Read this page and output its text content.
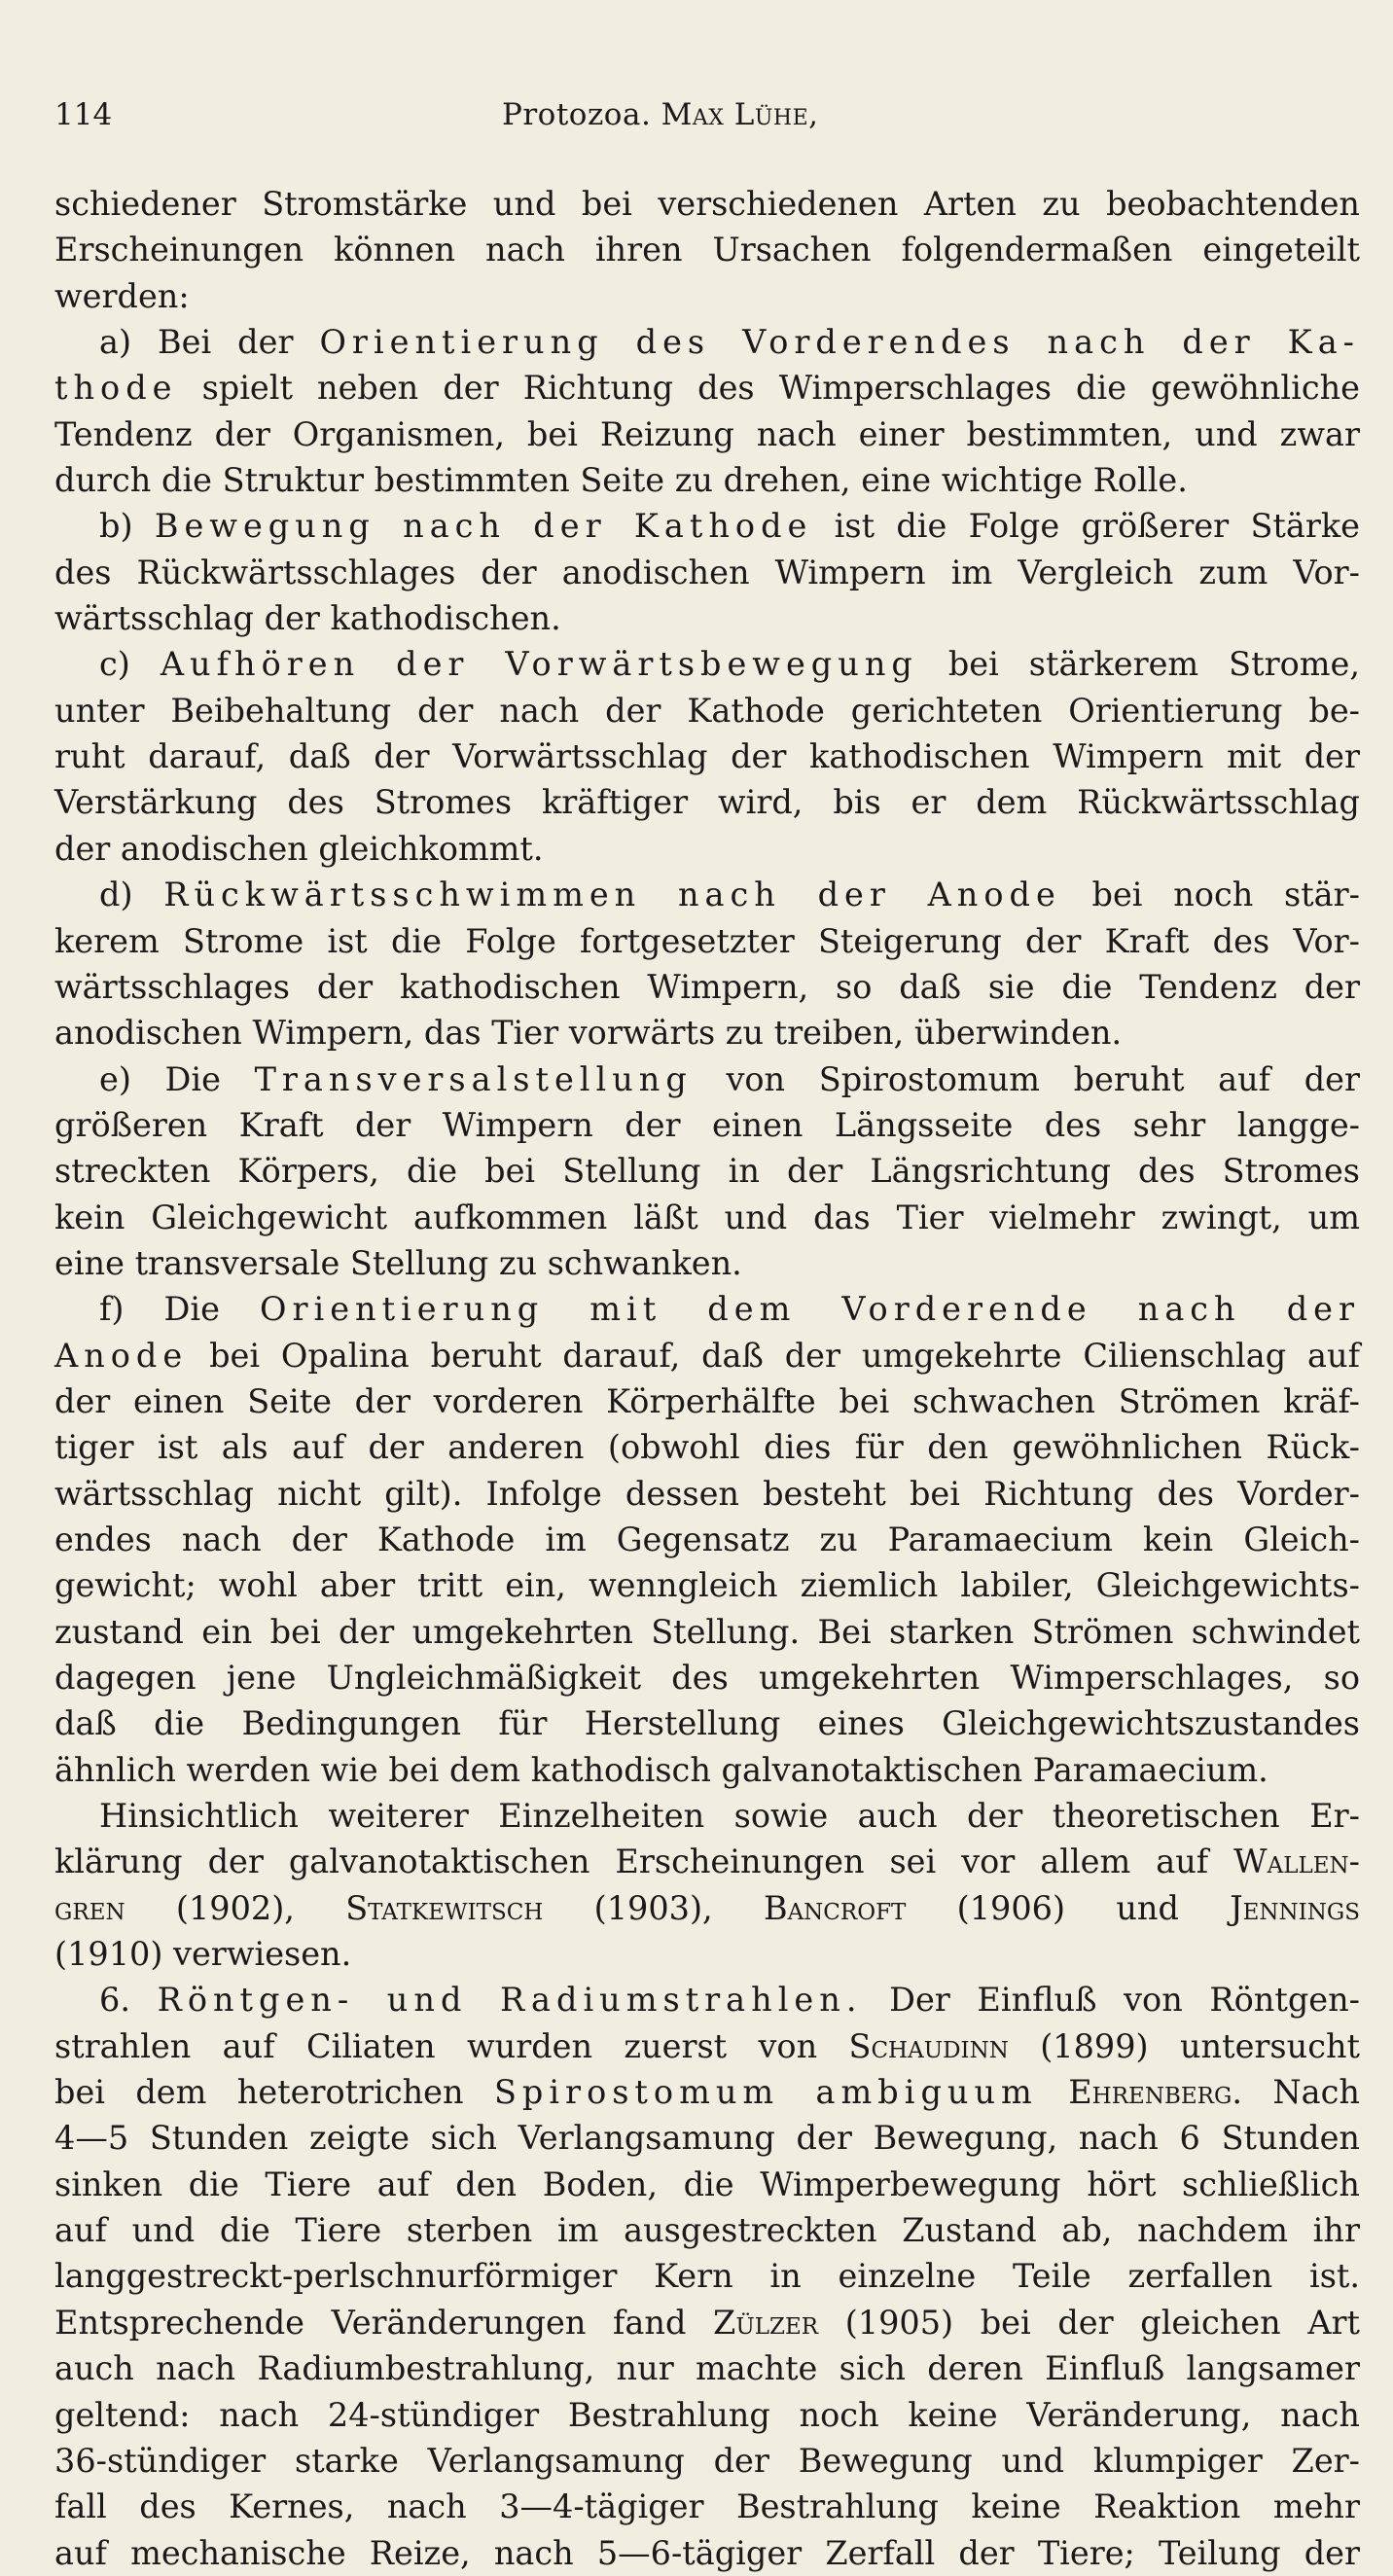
114	Protozoa. Max Lühe,
schiedener Stromstärke und bei verschiedenen Arten zu beobachtenden
Erscheinungen können nach ihren Ursachen folgendermaßen eingeteilt
werden:
a) Bei der Orientierung des Vorderendes nach der Ka-
thode spielt neben der Richtung des Wimperschlages die gewöhnliche
Tendenz der Organismen, bei Reizung nach einer bestimmten, und zwar
durch die Struktur bestimmten Seite zu drehen, eine wichtige Rolle.
b) Bewegung nach der Kathode ist die Folge größerer Stärke
des Rückwärtsschlages der anodischen Wimpern im Vergleich zum Vor-
wärtsschlag der kathodischen.
c) Aufhören der Vorwärtsbewegung bei stärkerem Strome,
unter Beibehaltung der nach der Kathode gerichteten Orientierung be-
ruht darauf, daß der Vorwärtsschlag der kathodischen Wimpern mit der
Verstärkung des Stromes kräftiger wird, bis er dem Rückwärtsschlag
der anodischen gleichkommt.
d) Rückwärtsschwimmen nach der Anode bei noch stär-
kerem Strome ist die Folge fortgesetzter Steigerung der Kraft des Vor-
wärtsschlages der kathodischen Wimpern, so daß sie die Tendenz der
anodischen Wimpern, das Tier vorwärts zu treiben, überwinden.
e) Die Transversalstellung von Spirostomum beruht auf der
größeren Kraft der Wimpern der einen Längsseite des sehr langge-
streckten Körpers, die bei Stellung in der Längsrichtung des Stromes
kein Gleichgewicht aufkommen läßt und das Tier vielmehr zwingt, um
eine transversale Stellung zu schwanken.
f) Die Orientierung mit dem Vorderende nach der
Anode bei Opalina beruht darauf, daß der umgekehrte Cilienschlag auf
der einen Seite der vorderen Körperhälfte bei schwachen Strömen kräf-
tiger ist als auf der anderen (obwohl dies für den gewöhnlichen Rück-
wärtsschlag nicht gilt). Infolge dessen besteht bei Richtung des Vorder-
endes nach der Kathode im Gegensatz zu Paramaecium kein Gleich-
gewicht; wohl aber tritt ein, wenngleich ziemlich labiler, Gleichgewichts-
zustand ein bei der umgekehrten Stellung. Bei starken Strömen schwindet
dagegen jene Ungleichmäßigkeit des umgekehrten Wimperschlages, so
daß die Bedingungen für Herstellung eines Gleichgewichtszustandes
ähnlich werden wie bei dem kathodisch galvanotaktischen Paramaecium.
Hinsichtlich weiterer Einzelheiten sowie auch der theoretischen Er-
klärung der galvanotaktischen Erscheinungen sei vor allem auf Wallen-
gren (1902), Statkewitsch (1903), Bancroft (1906) und Jennings
(1910) verwiesen.
6. Röntgen- und Radiumstrahlen. Der Einfluß von Röntgen-
strahlen auf Ciliaten wurden zuerst von Schaudinn (1899) untersucht
bei dem heterotrichen Spirostomum ambiguum Ehrenberg. Nach
4—5 Stunden zeigte sich Verlangsamung der Bewegung, nach 6 Stunden
sinken die Tiere auf den Boden, die Wimperbewegung hört schließlich
auf und die Tiere sterben im ausgestreckten Zustand ab, nachdem ihr
langgestreckt-perlschnurförmiger Kern in einzelne Teile zerfallen ist.
Entsprechende Veränderungen fand Zülzer (1905) bei der gleichen Art
auch nach Radiumbestrahlung, nur machte sich deren Einfluß langsamer
geltend: nach 24-stündiger Bestrahlung noch keine Veränderung, nach
36-stündiger starke Verlangsamung der Bewegung und klumpiger Zer-
fall des Kernes, nach 3—4-tägiger Bestrahlung keine Reaktion mehr
auf mechanische Reize, nach 5—6-tägiger Zerfall der Tiere; Teilung der
